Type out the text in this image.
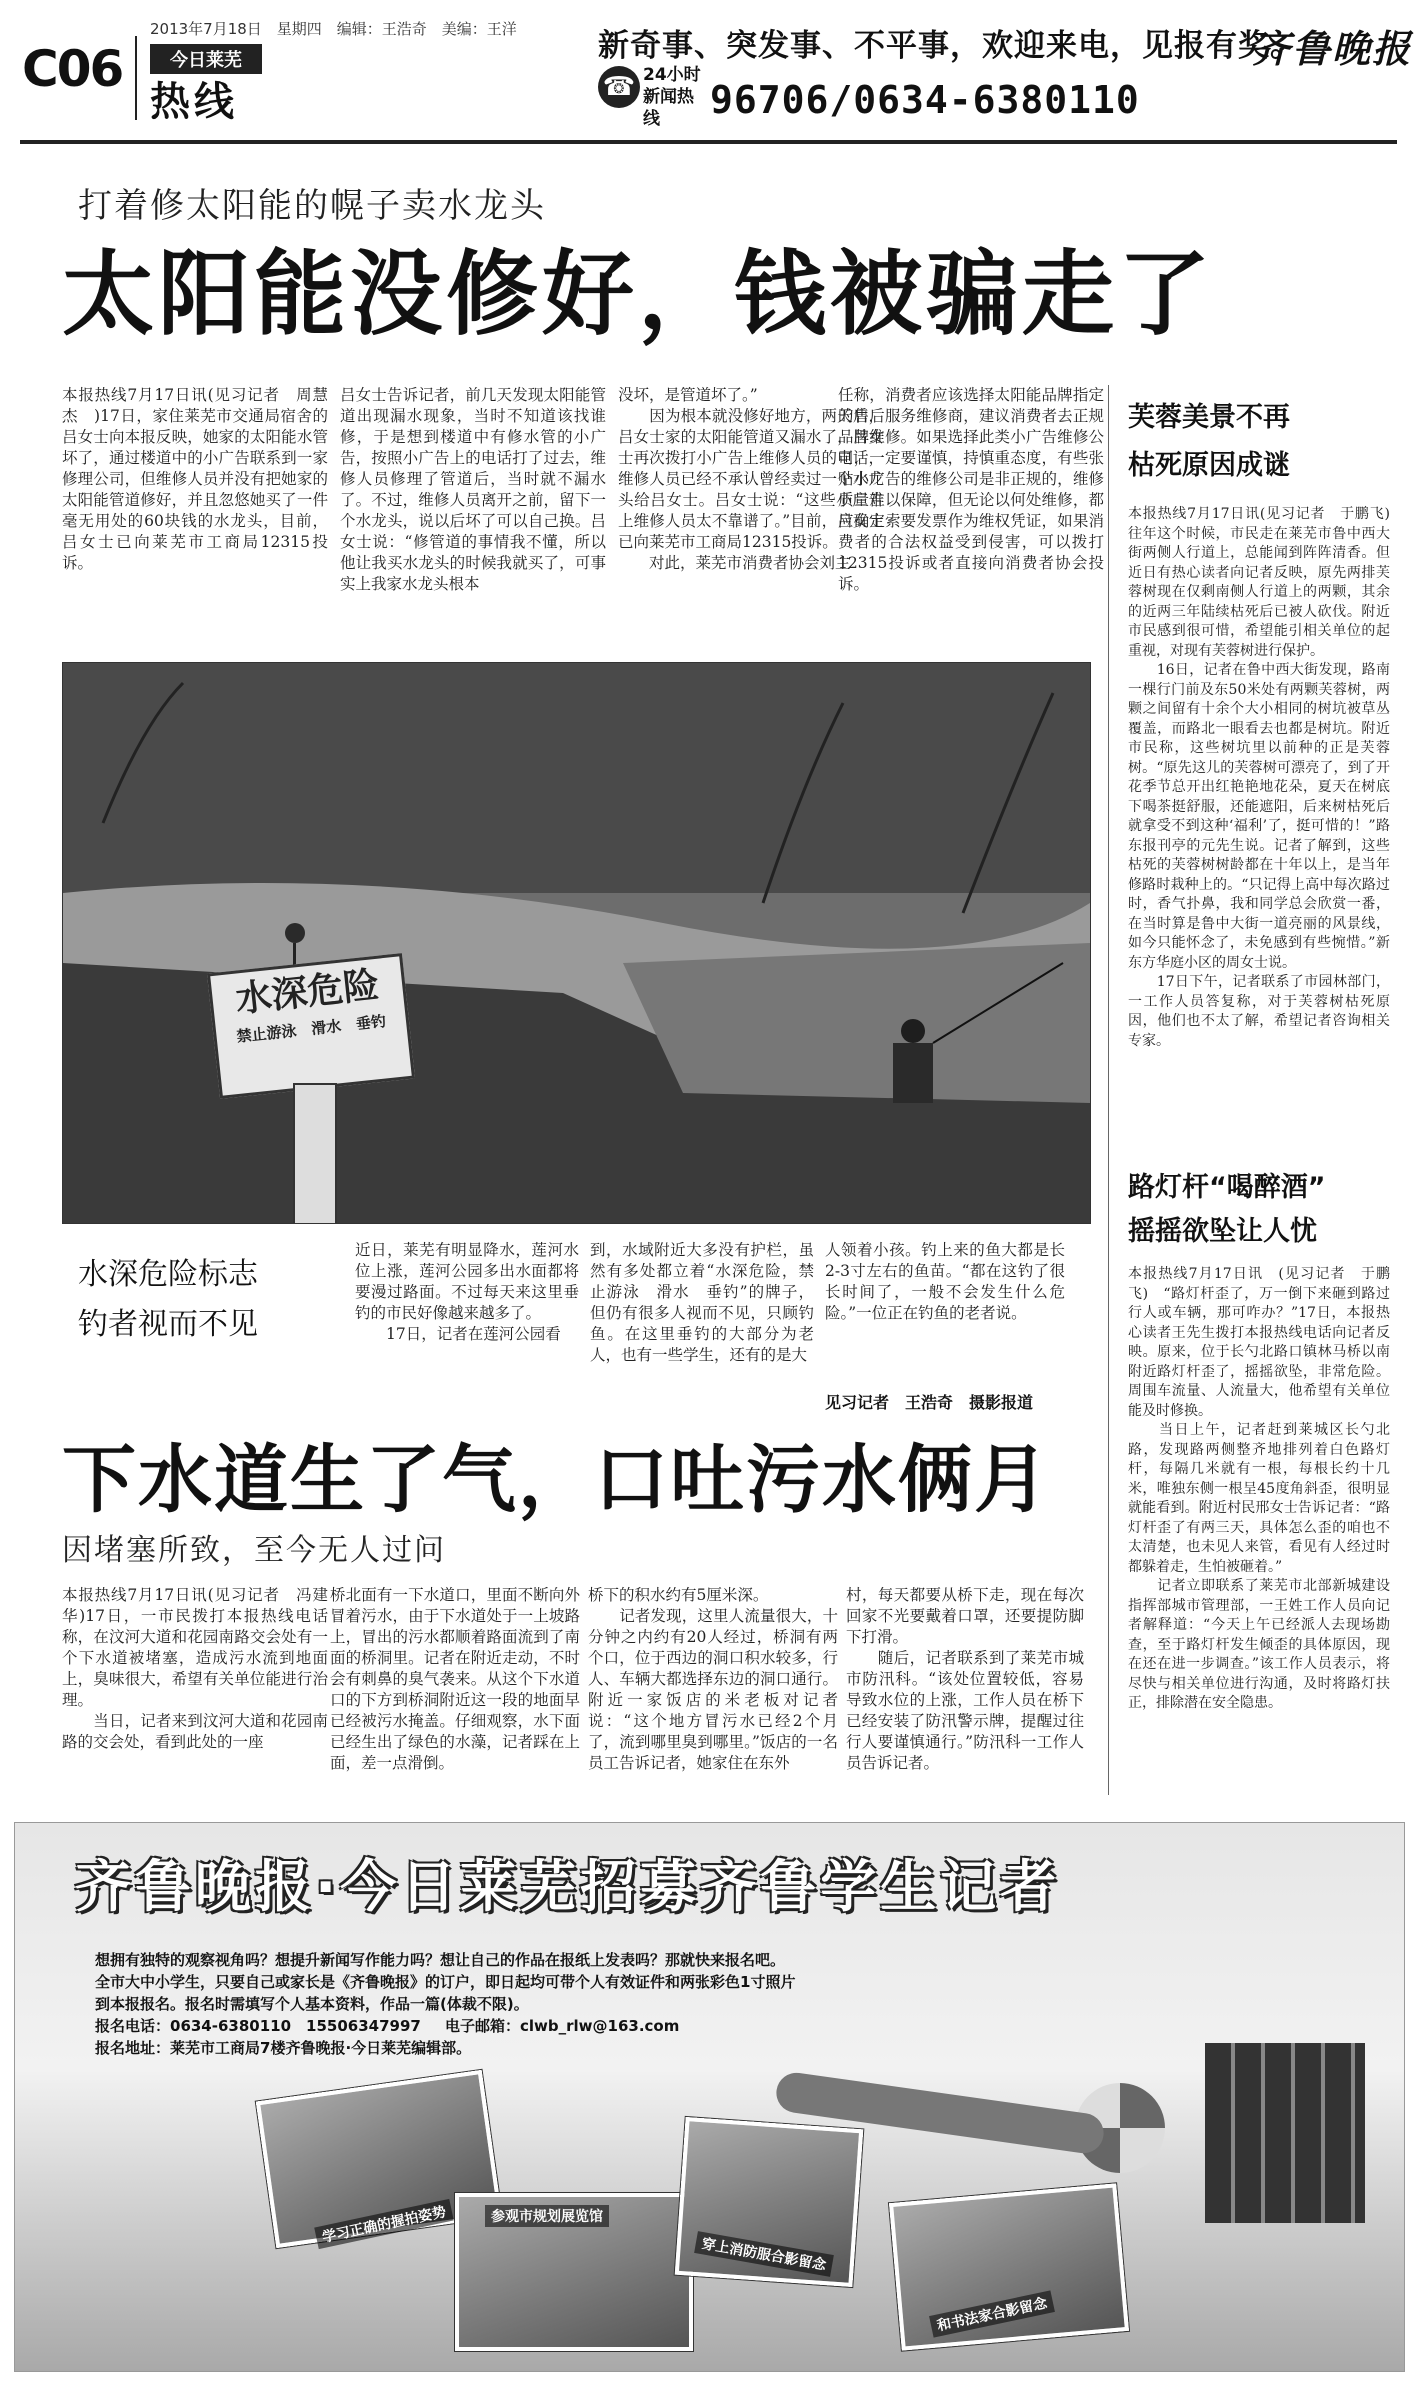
C06
2013年7月18日　星期四　编辑：王浩奇　美编：王洋
今日莱芜
热线
新奇事、突发事、不平事，欢迎来电，见报有奖。
☎ 24小时新闻热线	96706/0634-6380110
齐鲁晚报
打着修太阳能的幌子卖水龙头
太阳能没修好，钱被骗走了
本报热线7月17日讯(见习记者　周慧杰　)17日，家住莱芜市交通局宿舍的吕女士向本报反映，她家的太阳能水管坏了，通过楼道中的小广告联系到一家修理公司，但维修人员并没有把她家的太阳能管道修好，并且忽悠她买了一件毫无用处的60块钱的水龙头，目前，吕女士已向莱芜市工商局12315投诉。
吕女士告诉记者，前几天发现太阳能管道出现漏水现象，当时不知道该找谁修，于是想到楼道中有修水管的小广告，按照小广告上的电话打了过去，维修人员修理了管道后，当时就不漏水了。不过，维修人员离开之前，留下一个水龙头，说以后坏了可以自己换。吕女士说：“修管道的事情我不懂，所以他让我买水龙头的时候我就买了，可事实上我家水龙头根本
没坏，是管道坏了。”
　　因为根本就没修好地方，两天后，吕女士家的太阳能管道又漏水了，吕女士再次拨打小广告上维修人员的电话，维修人员已经不承认曾经卖过一个水龙头给吕女士。吕女士说：“这些小广告上维修人员太不靠谱了。”目前，吕女士已向莱芜市工商局12315投诉。
　　对此，莱芜市消费者协会刘主
任称，消费者应该选择太阳能品牌指定的售后服务维修商，建议消费者去正规品牌维修。如果选择此类小广告维修公司，一定要谨慎，持慎重态度，有些张贴小广告的维修公司是非正规的，维修质量难以保障，但无论以何处维修，都应确定索要发票作为维权凭证，如果消费者的合法权益受到侵害，可以拨打12315投诉或者直接向消费者协会投诉。
水深危险
禁止游泳　滑水　垂钓
水深危险标志
钓者视而不见
近日，莱芜有明显降水，莲河水位上涨，莲河公园多出水面都将要漫过路面。不过每天来这里垂钓的市民好像越来越多了。
　　17日，记者在莲河公园看
到，水域附近大多没有护栏，虽然有多处都立着“水深危险，禁止游泳　滑水　垂钓”的牌子，但仍有很多人视而不见，只顾钓鱼。在这里垂钓的大部分为老人，也有一些学生，还有的是大
人领着小孩。钓上来的鱼大都是长2-3寸左右的鱼苗。“都在这钓了很长时间了，一般不会发生什么危险。”一位正在钓鱼的老者说。
见习记者　王浩奇　摄影报道
下水道生了气，口吐污水俩月
因堵塞所致，至今无人过问
本报热线7月17日讯(见习记者　冯建华)17日，一市民拨打本报热线电话称，在汶河大道和花园南路交会处有一个下水道被堵塞，造成污水流到地面上，臭味很大，希望有关单位能进行治理。
　　当日，记者来到汶河大道和花园南路的交会处，看到此处的一座
桥北面有一下水道口，里面不断向外冒着污水，由于下水道处于一上坡路上，冒出的污水都顺着路面流到了南面的桥洞里。记者在附近走动，不时会有刺鼻的臭气袭来。从这个下水道口的下方到桥洞附近这一段的地面早已经被污水掩盖。仔细观察，水下面已经生出了绿色的水藻，记者踩在上面，差一点滑倒。
桥下的积水约有5厘米深。
　　记者发现，这里人流量很大，十分钟之内约有20人经过，桥洞有两个口，位于西边的洞口积水较多，行人、车辆大都选择东边的洞口通行。附近一家饭店的米老板对记者说：“这个地方冒污水已经2个月了，流到哪里臭到哪里。”饭店的一名员工告诉记者，她家住在东外
村，每天都要从桥下走，现在每次回家不光要戴着口罩，还要提防脚下打滑。
　　随后，记者联系到了莱芜市城市防汛科。“该处位置较低，容易导致水位的上涨，工作人员在桥下已经安装了防汛警示牌，提醒过往行人要谨慎通行。”防汛科一工作人员告诉记者。
芙蓉美景不再
枯死原因成谜
本报热线7月17日讯(见习记者　于鹏飞)　往年这个时候，市民走在莱芜市鲁中西大街两侧人行道上，总能闻到阵阵清香。但近日有热心读者向记者反映，原先两排芙蓉树现在仅剩南侧人行道上的两颗，其余的近两三年陆续枯死后已被人砍伐。附近市民感到很可惜，希望能引相关单位的起重视，对现有芙蓉树进行保护。
　　16日，记者在鲁中西大街发现，路南一棵行门前及东50米处有两颗芙蓉树，两颗之间留有十余个大小相同的树坑被草丛覆盖，而路北一眼看去也都是树坑。附近市民称，这些树坑里以前种的正是芙蓉树。“原先这儿的芙蓉树可漂亮了，到了开花季节总开出红艳艳地花朵，夏天在树底下喝茶挺舒服，还能遮阳，后来树枯死后就拿受不到这种‘福利’了，挺可惜的！”路东报刊亭的元先生说。记者了解到，这些枯死的芙蓉树树龄都在十年以上，是当年修路时栽种上的。“只记得上高中每次路过时，香气扑鼻，我和同学总会欣赏一番，在当时算是鲁中大街一道亮丽的风景线，如今只能怀念了，未免感到有些惋惜。”新东方华庭小区的周女士说。
　　17日下午，记者联系了市园林部门，一工作人员答复称，对于芙蓉树枯死原因，他们也不太了解，希望记者咨询相关专家。
路灯杆“喝醉酒”
摇摇欲坠让人忧
本报热线7月17日讯　(见习记者　于鹏飞)　“路灯杆歪了，万一倒下来砸到路过行人或车辆，那可咋办？”17日，本报热心读者王先生拨打本报热线电话向记者反映。原来，位于长勺北路口镇林马桥以南附近路灯杆歪了，摇摇欲坠，非常危险。周围车流量、人流量大，他希望有关单位能及时修换。
　　当日上午，记者赶到莱城区长勺北路，发现路两侧整齐地排列着白色路灯杆，每隔几米就有一根，每根长约十几米，唯独东侧一根呈45度角斜歪，很明显就能看到。附近村民邢女士告诉记者：“路灯杆歪了有两三天，具体怎么歪的咱也不太清楚，也未见人来管，看见有人经过时都躲着走，生怕被砸着。”
　　记者立即联系了莱芜市北部新城建设指挥部城市管理部，一王姓工作人员向记者解释道：“今天上午已经派人去现场勘查，至于路灯杆发生倾歪的具体原因，现在还在进一步调查。”该工作人员表示，将尽快与相关单位进行沟通，及时将路灯扶正，排除潜在安全隐患。
齐鲁晚报·今日莱芜招募齐鲁学生记者
想拥有独特的观察视角吗？想提升新闻写作能力吗？想让自己的作品在报纸上发表吗？那就快来报名吧。
全市大中小学生，只要自己或家长是《齐鲁晚报》的订户，即日起均可带个人有效证件和两张彩色1寸照片
到本报报名。报名时需填写个人基本资料，作品一篇(体裁不限)。
报名电话：0634-6380110　15506347997 电子邮箱：clwb_rlw@163.com
报名地址：莱芜市工商局7楼齐鲁晚报·今日莱芜编辑部。
学习正确的握拍姿势	参观市规划展览馆
穿上消防服合影留念
和书法家合影留念
